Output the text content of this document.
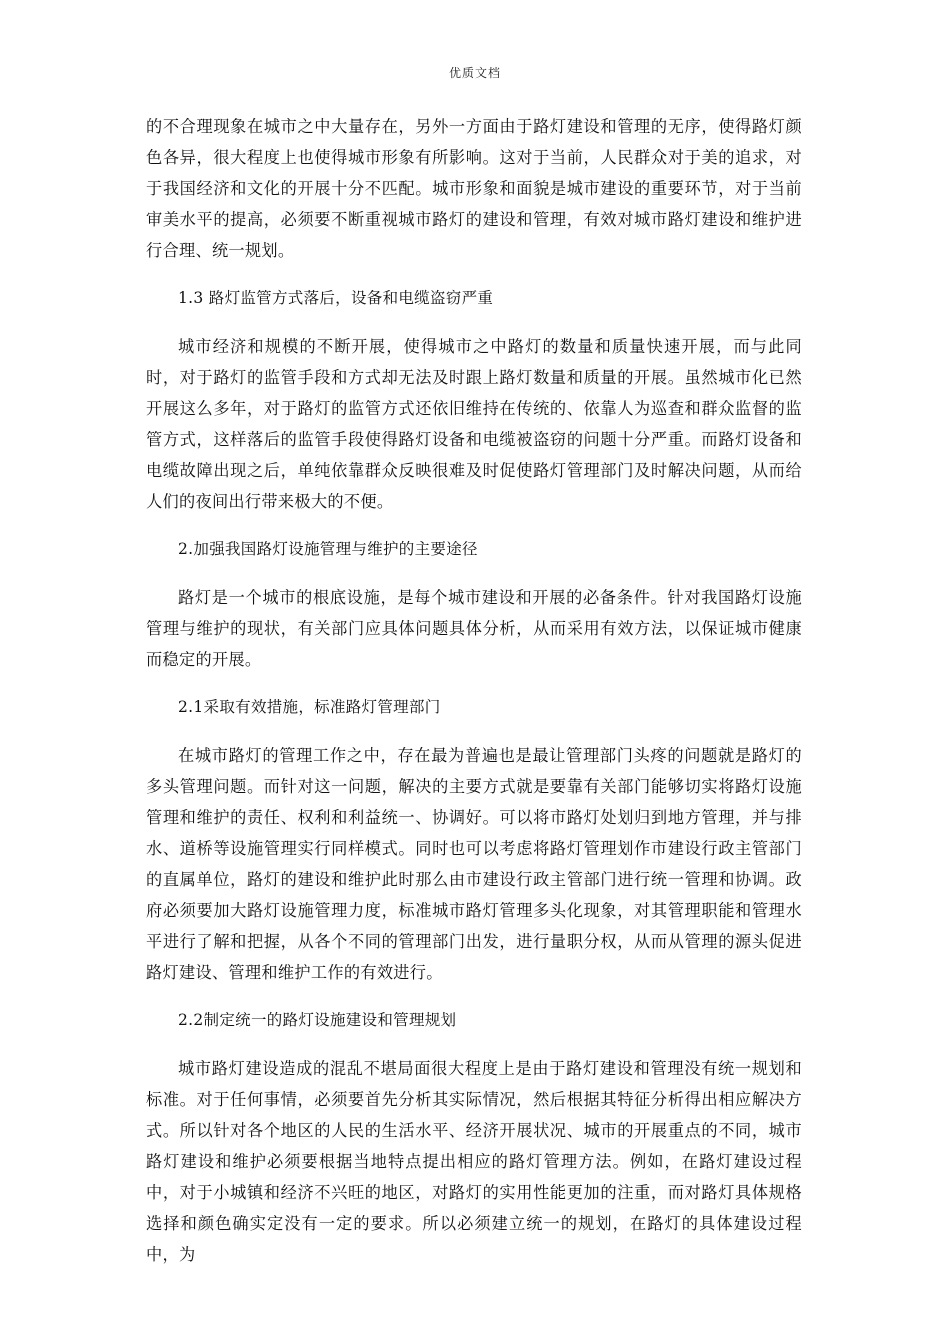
优质文档

的不合理现象在城市之中大量存在，另外一方面由于路灯建设和管理的无序，使得路灯颜色各异，很大程度上也使得城市形象有所影响。这对于当前，人民群众对于美的追求，对于我国经济和文化的开展十分不匹配。城市形象和面貌是城市建设的重要环节，对于当前审美水平的提高，必须要不断重视城市路灯的建设和管理，有效对城市路灯建设和维护进行合理、统一规划。

1.3 路灯监管方式落后，设备和电缆盗窃严重

城市经济和规模的不断开展，使得城市之中路灯的数量和质量快速开展，而与此同时，对于路灯的监管手段和方式却无法及时跟上路灯数量和质量的开展。虽然城市化已然开展这么多年，对于路灯的监管方式还依旧维持在传统的、依靠人为巡查和群众监督的监管方式，这样落后的监管手段使得路灯设备和电缆被盗窃的问题十分严重。而路灯设备和电缆故障出现之后，单纯依靠群众反映很难及时促使路灯管理部门及时解决问题，从而给人们的夜间出行带来极大的不便。

2.加强我国路灯设施管理与维护的主要途径

路灯是一个城市的根底设施，是每个城市建设和开展的必备条件。针对我国路灯设施管理与维护的现状，有关部门应具体问题具体分析，从而采用有效方法，以保证城市健康而稳定的开展。

2.1采取有效措施，标准路灯管理部门

在城市路灯的管理工作之中，存在最为普遍也是最让管理部门头疼的问题就是路灯的多头管理问题。而针对这一问题，解决的主要方式就是要靠有关部门能够切实将路灯设施管理和维护的责任、权利和利益统一、协调好。可以将市路灯处划归到地方管理，并与排水、道桥等设施管理实行同样模式。同时也可以考虑将路灯管理划作市建设行政主管部门的直属单位，路灯的建设和维护此时那么由市建设行政主管部门进行统一管理和协调。政府必须要加大路灯设施管理力度，标准城市路灯管理多头化现象，对其管理职能和管理水平进行了解和把握，从各个不同的管理部门出发，进行量职分权，从而从管理的源头促进路灯建设、管理和维护工作的有效进行。

2.2制定统一的路灯设施建设和管理规划

城市路灯建设造成的混乱不堪局面很大程度上是由于路灯建设和管理没有统一规划和标准。对于任何事情，必须要首先分析其实际情况，然后根据其特征分析得出相应解决方式。所以针对各个地区的人民的生活水平、经济开展状况、城市的开展重点的不同，城市路灯建设和维护必须要根据当地特点提出相应的路灯管理方法。例如，在路灯建设过程中，对于小城镇和经济不兴旺的地区，对路灯的实用性能更加的注重，而对路灯具体规格选择和颜色确实定没有一定的要求。所以必须建立统一的规划，在路灯的具体建设过程中，为
